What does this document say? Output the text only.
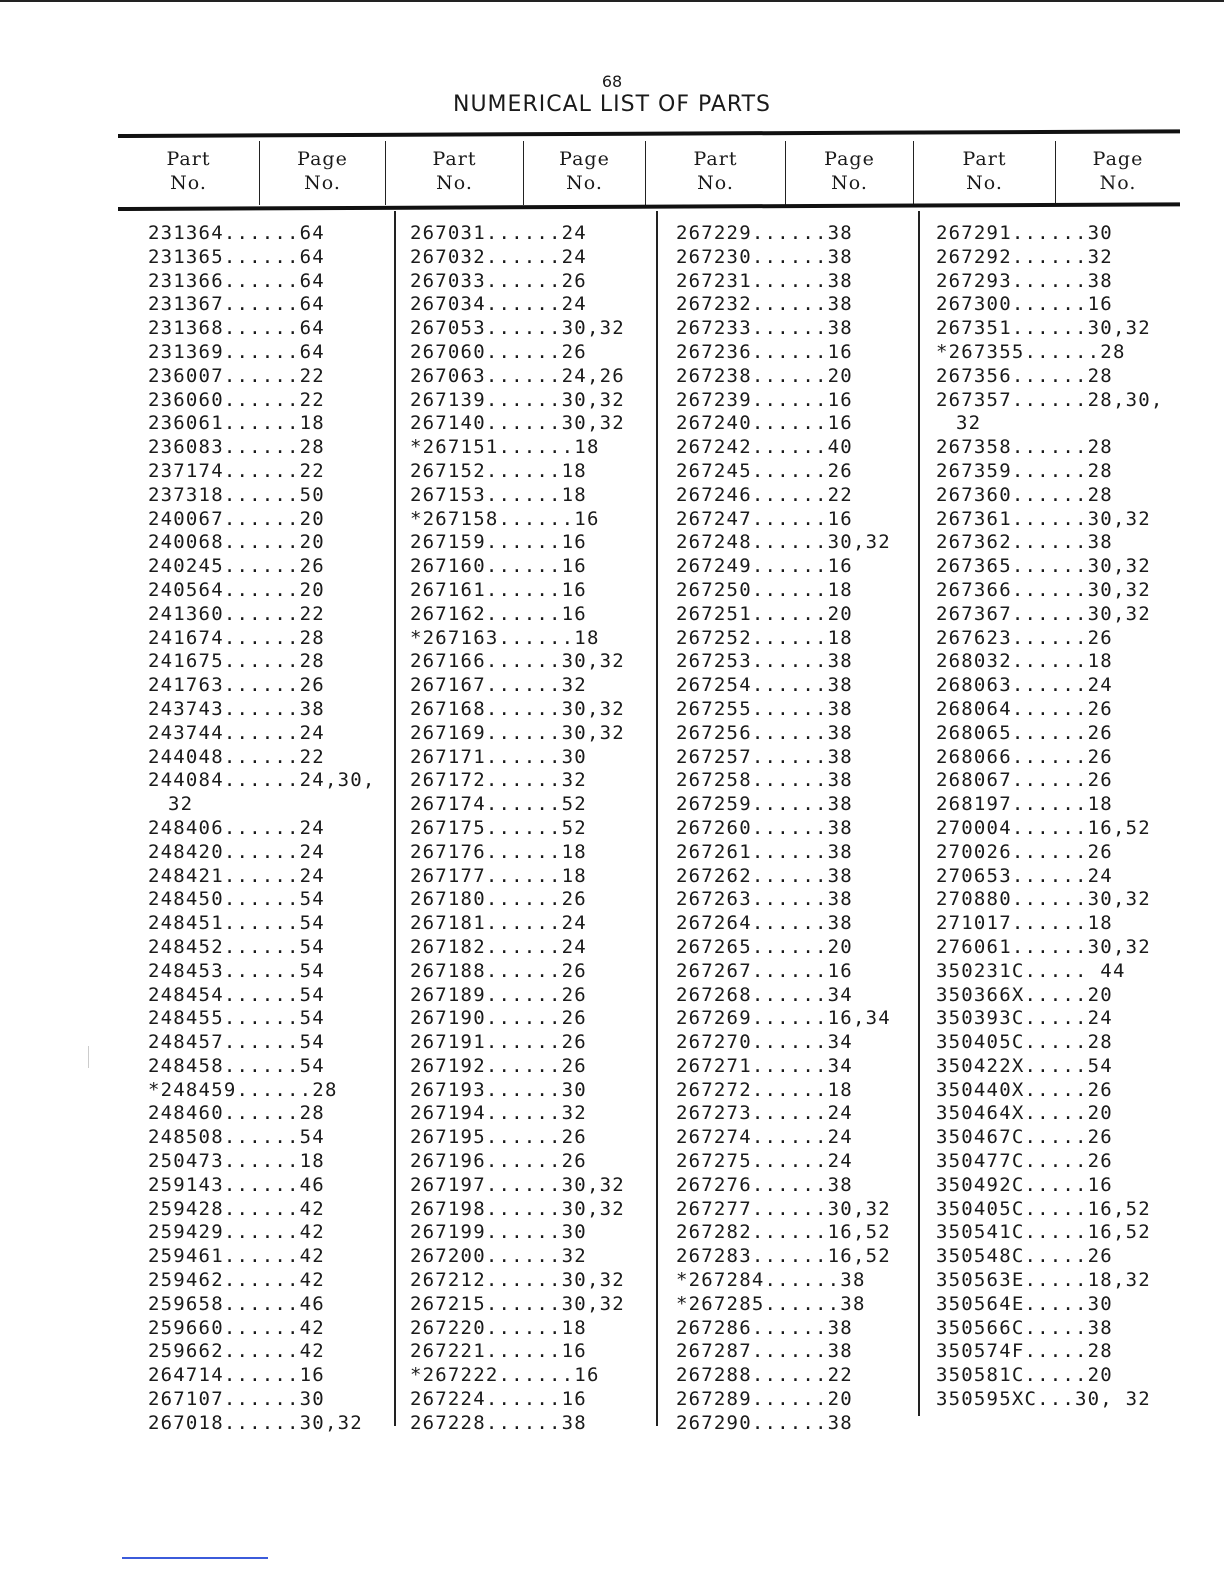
68
NUMERICAL LIST OF PARTS
Part
No.
Page
No.
Part
No.
Page
No.
Part
No.
Page
No.
Part
No.
Page
No.
231364......64
231365......64
231366......64
231367......64
231368......64
231369......64
236007......22
236060......22
236061......18
236083......28
237174......22
237318......50
240067......20
240068......20
240245......26
240564......20
241360......22
241674......28
241675......28
241763......26
243743......38
243744......24
244048......22
244084......24,30,
32
248406......24
248420......24
248421......24
248450......54
248451......54
248452......54
248453......54
248454......54
248455......54
248457......54
248458......54
*248459......28
248460......28
248508......54
250473......18
259143......46
259428......42
259429......42
259461......42
259462......42
259658......46
259660......42
259662......42
264714......16
267107......30
267018......30,32
267031......24
267032......24
267033......26
267034......24
267053......30,32
267060......26
267063......24,26
267139......30,32
267140......30,32
*267151......18
267152......18
267153......18
*267158......16
267159......16
267160......16
267161......16
267162......16
*267163......18
267166......30,32
267167......32
267168......30,32
267169......30,32
267171......30
267172......32
267174......52
267175......52
267176......18
267177......18
267180......26
267181......24
267182......24
267188......26
267189......26
267190......26
267191......26
267192......26
267193......30
267194......32
267195......26
267196......26
267197......30,32
267198......30,32
267199......30
267200......32
267212......30,32
267215......30,32
267220......18
267221......16
*267222......16
267224......16
267228......38
267229......38
267230......38
267231......38
267232......38
267233......38
267236......16
267238......20
267239......16
267240......16
267242......40
267245......26
267246......22
267247......16
267248......30,32
267249......16
267250......18
267251......20
267252......18
267253......38
267254......38
267255......38
267256......38
267257......38
267258......38
267259......38
267260......38
267261......38
267262......38
267263......38
267264......38
267265......20
267267......16
267268......34
267269......16,34
267270......34
267271......34
267272......18
267273......24
267274......24
267275......24
267276......38
267277......30,32
267282......16,52
267283......16,52
*267284......38
*267285......38
267286......38
267287......38
267288......22
267289......20
267290......38
267291......30
267292......32
267293......38
267300......16
267351......30,32
*267355......28
267356......28
267357......28,30,
32
267358......28
267359......28
267360......28
267361......30,32
267362......38
267365......30,32
267366......30,32
267367......30,32
267623......26
268032......18
268063......24
268064......26
268065......26
268066......26
268067......26
268197......18
270004......16,52
270026......26
270653......24
270880......30,32
271017......18
276061......30,32
350231C..... 44
350366X.....20
350393C.....24
350405C.....28
350422X.....54
350440X.....26
350464X.....20
350467C.....26
350477C.....26
350492C.....16
350405C.....16,52
350541C.....16,52
350548C.....26
350563E.....18,32
350564E.....30
350566C.....38
350574F.....28
350581C.....20
350595XC...30, 32
